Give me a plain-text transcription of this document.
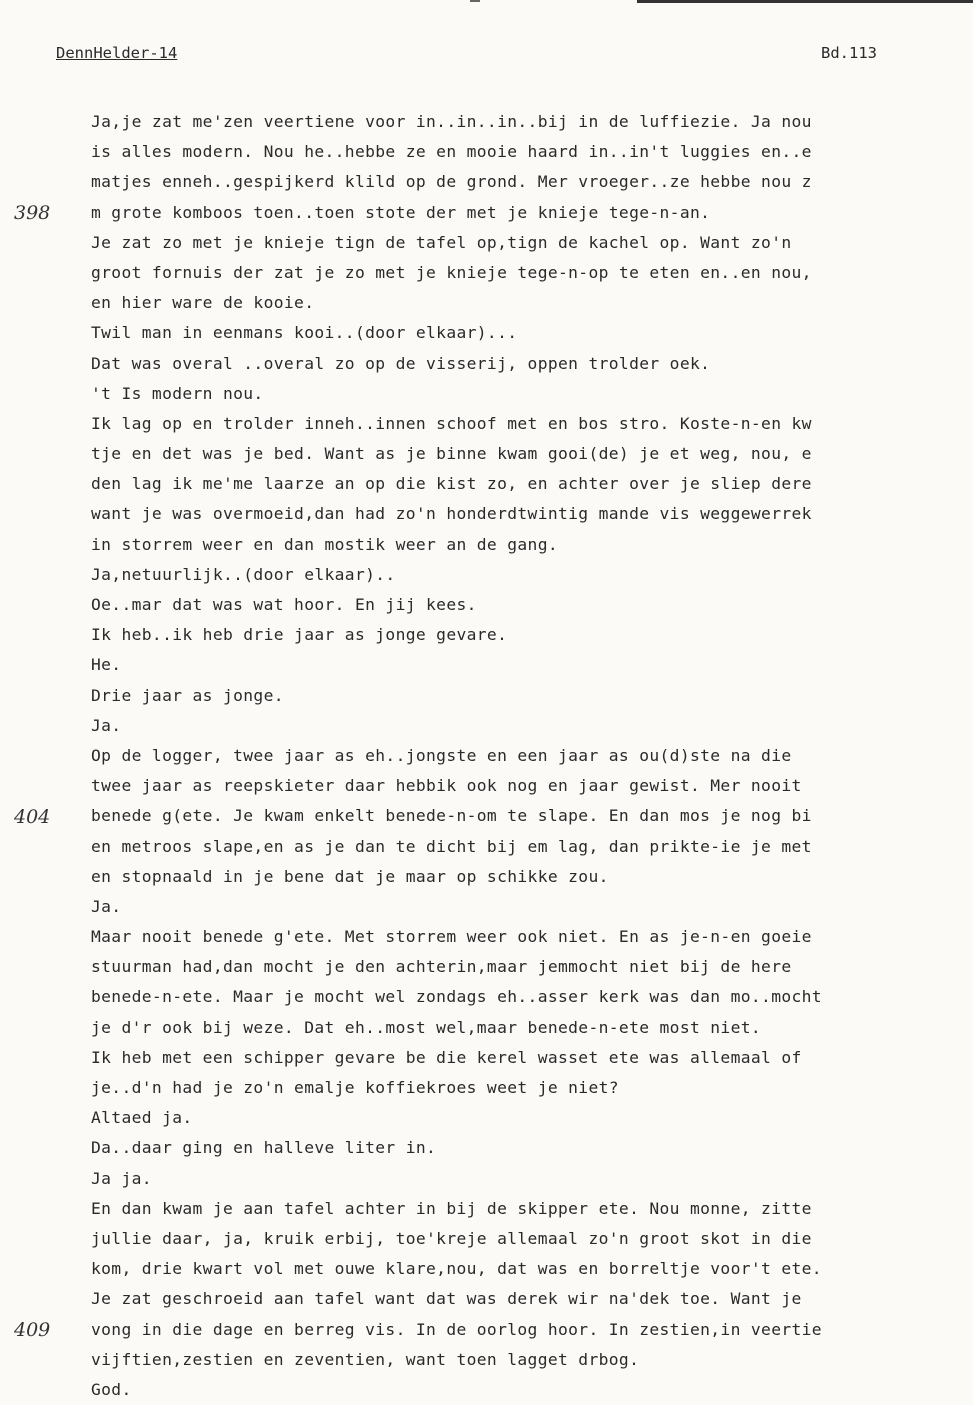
DennHelder-14	Bd.113
Ja,je zat me'zen veertiene voor in..in..in..bij in de luffiezie. Ja nou
is alles modern. Nou he..hebbe ze en mooie haard in..in't luggies en..e
matjes enneh..gespijkerd klild op de grond. Mer vroeger..ze hebbe nou z
m grote komboos toen..toen stote der met je knieje tege-n-an.
Je zat zo met je knieje tign de tafel op,tign de kachel op. Want zo'n
groot fornuis der zat je zo met je knieje tege-n-op te eten en..en nou,
en hier ware de kooie.
Twil man in eenmans kooi..(door elkaar)...
Dat was overal ..overal zo op de visserij, oppen trolder oek.
't Is modern nou.
Ik lag op en trolder inneh..innen schoof met en bos stro. Koste-n-en kw
tje en det was je bed. Want as je binne kwam gooi(de) je et weg, nou, e
den lag ik me'me laarze an op die kist zo, en achter over je sliep dere
want je was overmoeid,dan had zo'n honderdtwintig mande vis weggewerrek
in storrem weer en dan mostik weer an de gang.
Ja,netuurlijk..(door elkaar)..
Oe..mar dat was wat hoor. En jij kees.
Ik heb..ik heb drie jaar as jonge gevare.
He.
Drie jaar as jonge.
Ja.
Op de logger, twee jaar as eh..jongste en een jaar as ou(d)ste na die
twee jaar as reepskieter daar hebbik ook nog en jaar gewist. Mer nooit
benede g(ete. Je kwam enkelt benede-n-om te slape. En dan mos je nog bi
en metroos slape,en as je dan te dicht bij em lag, dan prikte-ie je met
en stopnaald in je bene dat je maar op schikke zou.
Ja.
Maar nooit benede g'ete. Met storrem weer ook niet. En as je-n-en goeie
stuurman had,dan mocht je den achterin,maar jemmocht niet bij de here
benede-n-ete. Maar je mocht wel zondags eh..asser kerk was dan mo..mocht
je d'r ook bij weze. Dat eh..most wel,maar benede-n-ete most niet.
Ik heb met een schipper gevare be die kerel wasset ete was allemaal of
je..d'n had je zo'n emalje koffiekroes weet je niet?
Altaed ja.
Da..daar ging en halleve liter in.
Ja ja.
En dan kwam je aan tafel achter in bij de skipper ete. Nou monne, zitte
jullie daar, ja, kruik erbij, toe'kreje allemaal zo'n groot skot in die
kom, drie kwart vol met ouwe klare,nou, dat was en borreltje voor't ete.
Je zat geschroeid aan tafel want dat was derek wir na'dek toe. Want je
vong in die dage en berreg vis. In de oorlog hoor. In zestien,in veertie
vijftien,zestien en zeventien, want toen lagget drbog.
God.
398
404
409
